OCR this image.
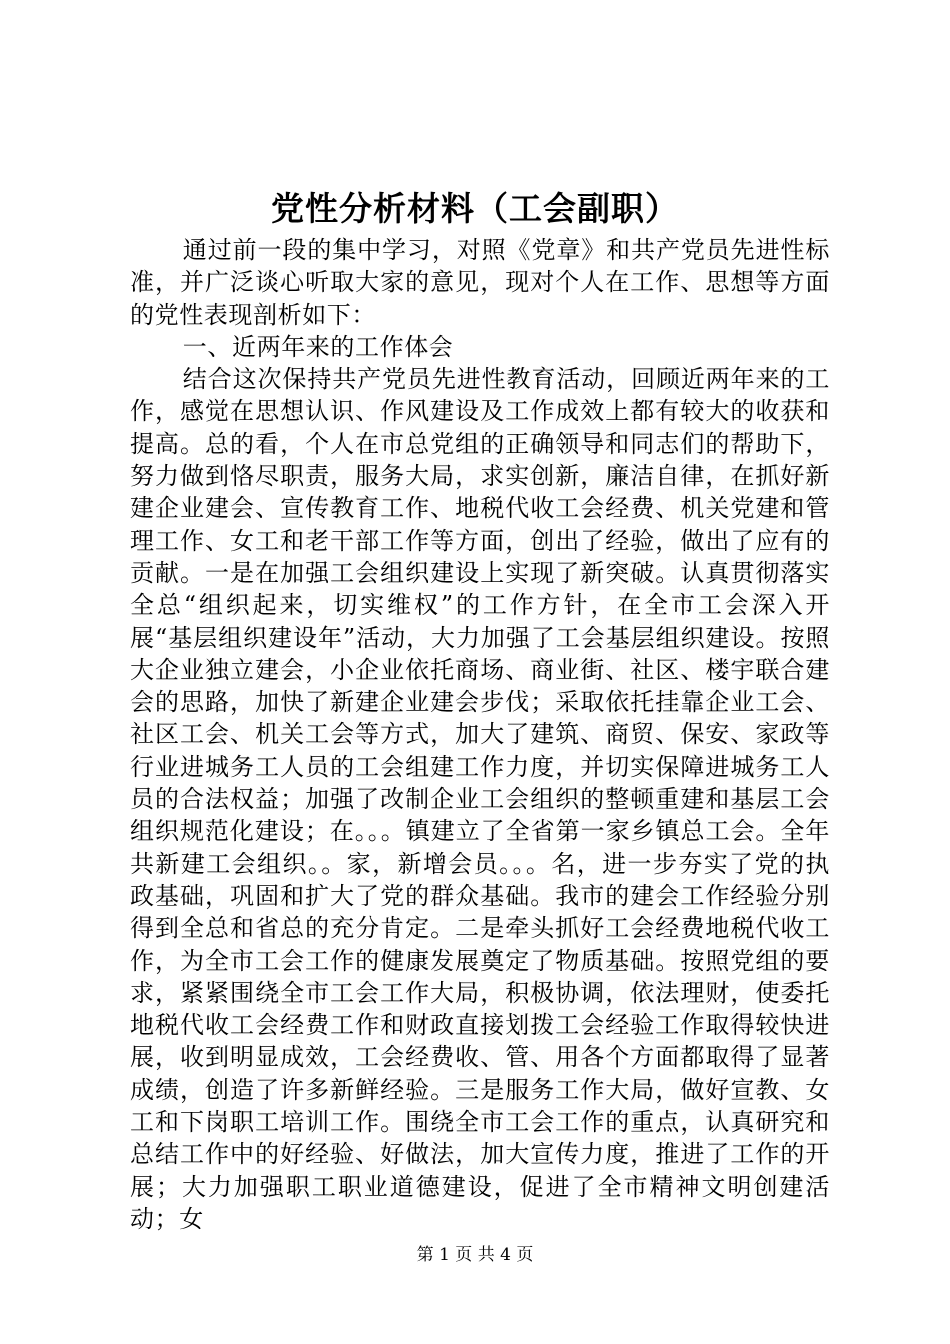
党性分析材料（工会副职）

通过前一段的集中学习，对照《党章》和共产党员先进性标准，并广泛谈心听取大家的意见，现对个人在工作、思想等方面的党性表现剖析如下：

一、近两年来的工作体会

结合这次保持共产党员先进性教育活动，回顾近两年来的工作，感觉在思想认识、作风建设及工作成效上都有较大的收获和提高。总的看，个人在市总党组的正确领导和同志们的帮助下，努力做到恪尽职责，服务大局，求实创新，廉洁自律，在抓好新建企业建会、宣传教育工作、地税代收工会经费、机关党建和管理工作、女工和老干部工作等方面，创出了经验，做出了应有的贡献。一是在加强工会组织建设上实现了新突破。认真贯彻落实全总“组织起来，切实维权”的工作方针，在全市工会深入开展“基层组织建设年”活动，大力加强了工会基层组织建设。按照大企业独立建会，小企业依托商场、商业街、社区、楼宇联合建会的思路，加快了新建企业建会步伐；采取依托挂靠企业工会、社区工会、机关工会等方式，加大了建筑、商贸、保安、家政等行业进城务工人员的工会组建工作力度，并切实保障进城务工人员的合法权益；加强了改制企业工会组织的整顿重建和基层工会组织规范化建设；在。。。镇建立了全省第一家乡镇总工会。全年共新建工会组织。。家，新增会员。。。名，进一步夯实了党的执政基础，巩固和扩大了党的群众基础。我市的建会工作经验分别得到全总和省总的充分肯定。二是牵头抓好工会经费地税代收工作，为全市工会工作的健康发展奠定了物质基础。按照党组的要求，紧紧围绕全市工会工作大局，积极协调，依法理财，使委托地税代收工会经费工作和财政直接划拨工会经验工作取得较快进展，收到明显成效，工会经费收、管、用各个方面都取得了显著成绩，创造了许多新鲜经验。三是服务工作大局，做好宣教、女工和下岗职工培训工作。围绕全市工会工作的重点，认真研究和总结工作中的好经验、好做法，加大宣传力度，推进了工作的开展；大力加强职工职业道德建设，促进了全市精神文明创建活动；女

第 1 页 共 4 页
